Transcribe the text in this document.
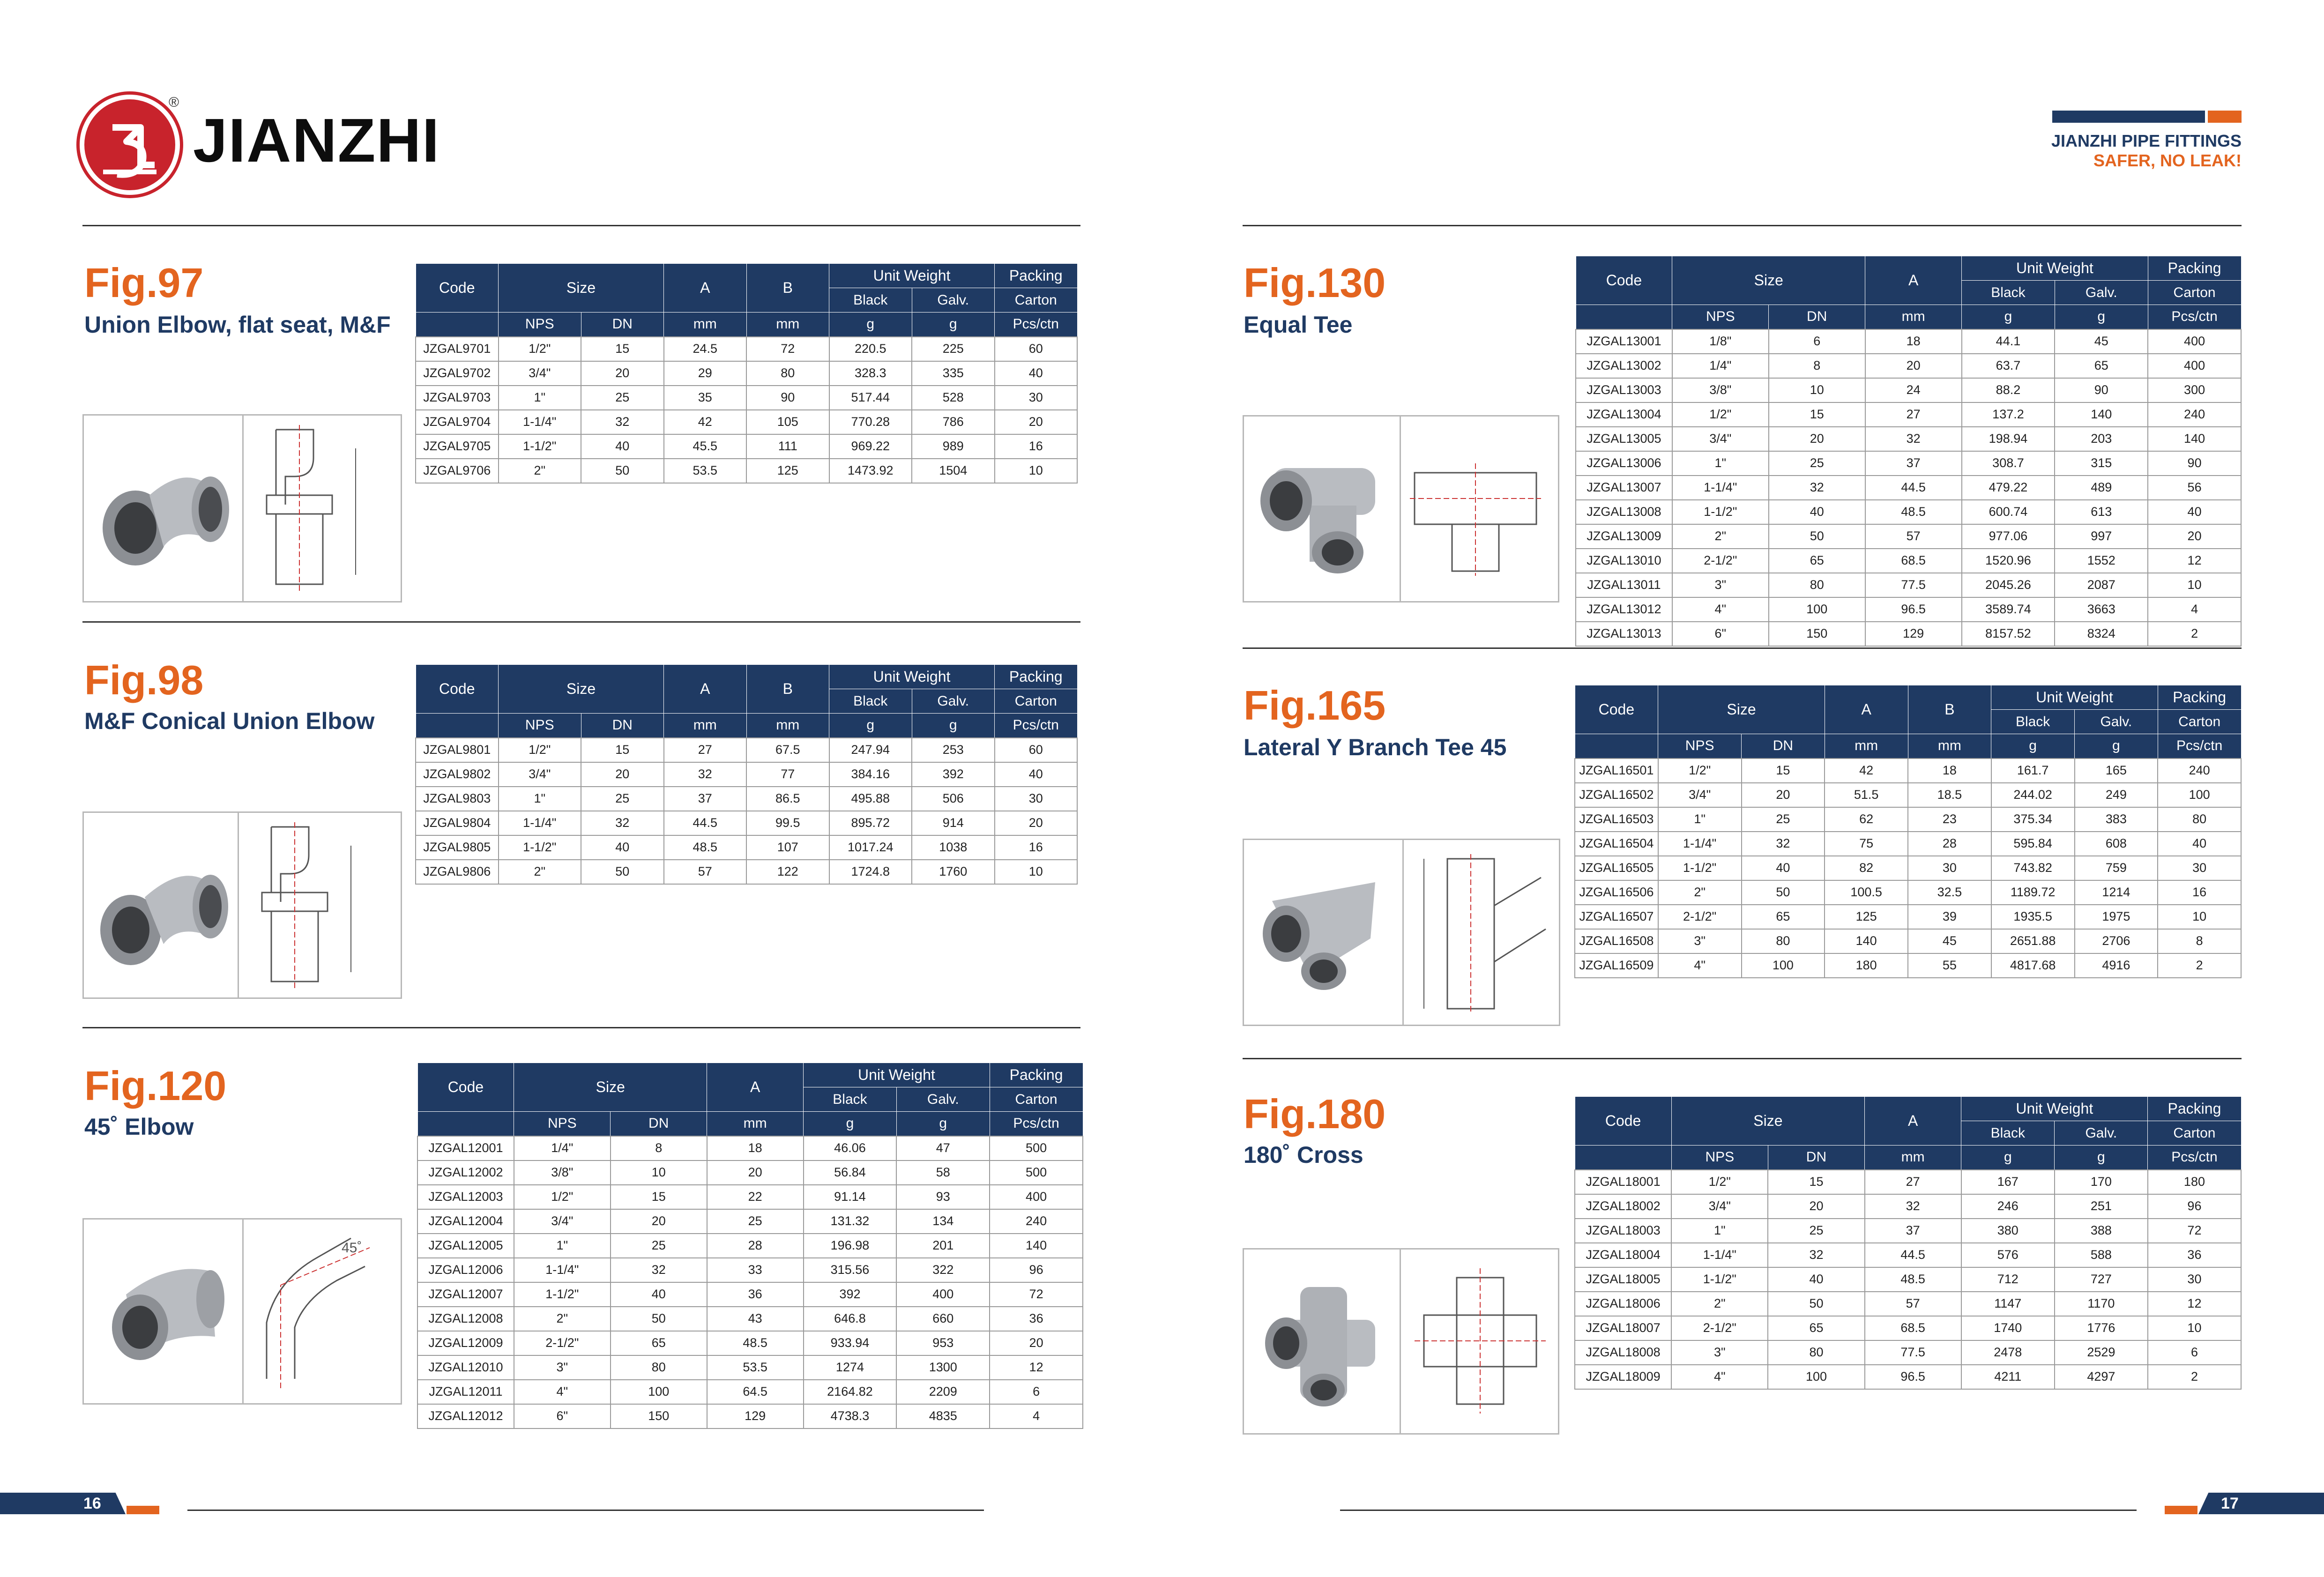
®
JIANZHI	JIANZHI PIPE FITTINGS
SAFER, NO LEAK!
Fig.97
Union Elbow, flat seat, M&F
Fig.98
M&F Conical Union Elbow
Fig.120
45˚ Elbow
Fig.130
Equal Tee
Fig.165
Lateral Y Branch Tee 45
Fig.180
180˚ Cross
Code	Size		A	B	Unit Weight		Packing
					Black	Galv.	Carton
	NPS	DN	mm	mm	g	g	Pcs/ctn
JZGAL9701	1/2"	15	24.5	72	220.5	225	60
JZGAL9702	3/4"	20	29	80	328.3	335	40
JZGAL9703	1"	25	35	90	517.44	528	30
JZGAL9704	1-1/4"	32	42	105	770.28	786	20
JZGAL9705	1-1/2"	40	45.5	111	969.22	989	16
JZGAL9706	2"	50	53.5	125	1473.92	1504	10
Code	Size		A	B	Unit Weight		Packing
					Black	Galv.	Carton
	NPS	DN	mm	mm	g	g	Pcs/ctn
JZGAL9801	1/2"	15	27	67.5	247.94	253	60
JZGAL9802	3/4"	20	32	77	384.16	392	40
JZGAL9803	1"	25	37	86.5	495.88	506	30
JZGAL9804	1-1/4"	32	44.5	99.5	895.72	914	20
JZGAL9805	1-1/2"	40	48.5	107	1017.24	1038	16
JZGAL9806	2"	50	57	122	1724.8	1760	10
Code	Size		A	Unit Weight		Packing
				Black	Galv.	Carton
	NPS	DN	mm	g	g	Pcs/ctn
JZGAL12001	1/4"	8	18	46.06	47	500
JZGAL12002	3/8"	10	20	56.84	58	500
JZGAL12003	1/2"	15	22	91.14	93	400
JZGAL12004	3/4"	20	25	131.32	134	240
JZGAL12005	1"	25	28	196.98	201	140
JZGAL12006	1-1/4"	32	33	315.56	322	96
JZGAL12007	1-1/2"	40	36	392	400	72
JZGAL12008	2"	50	43	646.8	660	36
JZGAL12009	2-1/2"	65	48.5	933.94	953	20
JZGAL12010	3"	80	53.5	1274	1300	12
JZGAL12011	4"	100	64.5	2164.82	2209	6
JZGAL12012	6"	150	129	4738.3	4835	4
Code	Size		A	Unit Weight		Packing
				Black	Galv.	Carton
	NPS	DN	mm	g	g	Pcs/ctn
JZGAL13001	1/8"	6	18	44.1	45	400
JZGAL13002	1/4"	8	20	63.7	65	400
JZGAL13003	3/8"	10	24	88.2	90	300
JZGAL13004	1/2"	15	27	137.2	140	240
JZGAL13005	3/4"	20	32	198.94	203	140
JZGAL13006	1"	25	37	308.7	315	90
JZGAL13007	1-1/4"	32	44.5	479.22	489	56
JZGAL13008	1-1/2"	40	48.5	600.74	613	40
JZGAL13009	2"	50	57	977.06	997	20
JZGAL13010	2-1/2"	65	68.5	1520.96	1552	12
JZGAL13011	3"	80	77.5	2045.26	2087	10
JZGAL13012	4"	100	96.5	3589.74	3663	4
JZGAL13013	6"	150	129	8157.52	8324	2
Code	Size		A	B	Unit Weight		Packing
					Black	Galv.	Carton
	NPS	DN	mm	mm	g	g	Pcs/ctn
JZGAL16501	1/2"	15	42	18	161.7	165	240
JZGAL16502	3/4"	20	51.5	18.5	244.02	249	100
JZGAL16503	1"	25	62	23	375.34	383	80
JZGAL16504	1-1/4"	32	75	28	595.84	608	40
JZGAL16505	1-1/2"	40	82	30	743.82	759	30
JZGAL16506	2"	50	100.5	32.5	1189.72	1214	16
JZGAL16507	2-1/2"	65	125	39	1935.5	1975	10
JZGAL16508	3"	80	140	45	2651.88	2706	8
JZGAL16509	4"	100	180	55	4817.68	4916	2
Code	Size		A	Unit Weight		Packing
				Black	Galv.	Carton
	NPS	DN	mm	g	g	Pcs/ctn
JZGAL18001	1/2"	15	27	167	170	180
JZGAL18002	3/4"	20	32	246	251	96
JZGAL18003	1"	25	37	380	388	72
JZGAL18004	1-1/4"	32	44.5	576	588	36
JZGAL18005	1-1/2"	40	48.5	712	727	30
JZGAL18006	2"	50	57	1147	1170	12
JZGAL18007	2-1/2"	65	68.5	1740	1776	10
JZGAL18008	3"	80	77.5	2478	2529	6
JZGAL18009	4"	100	96.5	4211	4297	2
45˚
16	17
